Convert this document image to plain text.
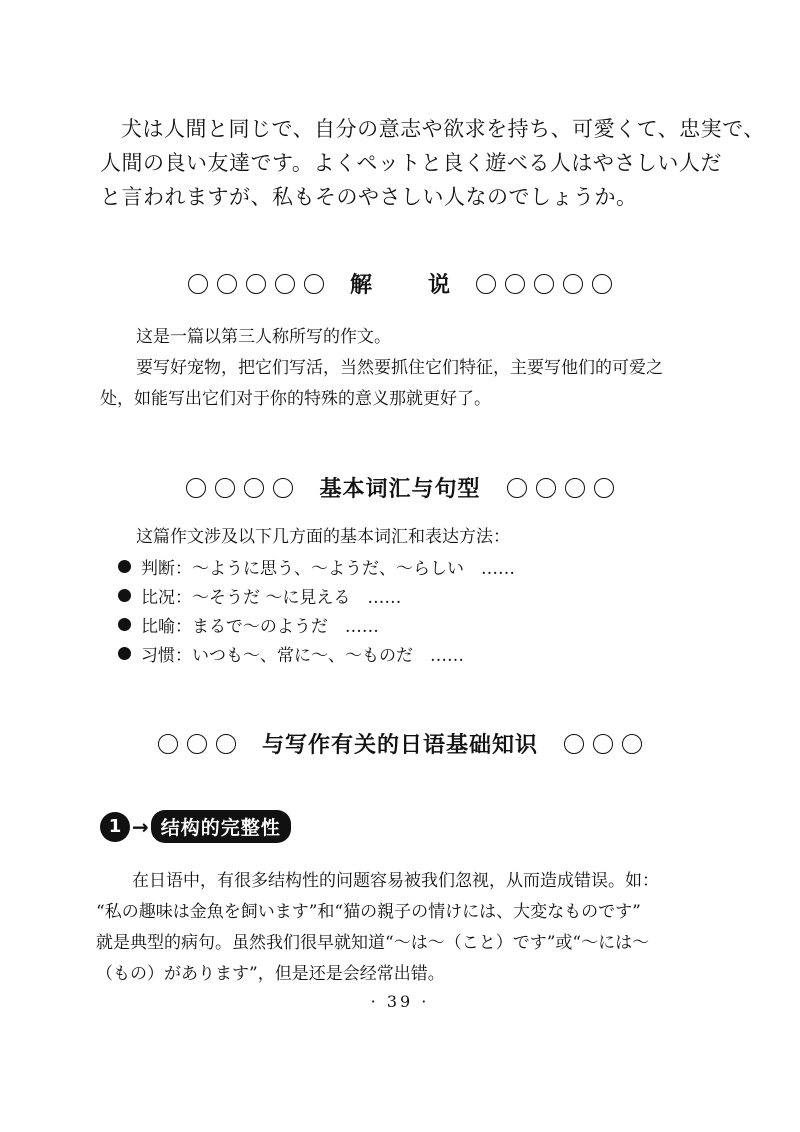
犬は人間と同じで、自分の意志や欲求を持ち、可愛くて、忠実で、
人間の良い友達です。よくペットと良く遊べる人はやさしい人だ
と言われますが、私もそのやさしい人なのでしょうか。

解说

这是一篇以第三人称所写的作文。
要写好宠物，把它们写活，当然要抓住它们特征，主要写他们的可爱之
处，如能写出它们对于你的特殊的意义那就更好了。

基本词汇与句型

这篇作文涉及以下几方面的基本词汇和表达方法：

判断：～ように思う、～ようだ、～らしい　……
比况：～そうだ ～に見える　……
比喻：まるで～のようだ　……
习惯：いつも～、常に～、～ものだ　……
与写作有关的日语基础知识
1 → 结构的完整性

在日语中，有很多结构性的问题容易被我们忽视，从而造成错误。如：
“私の趣味は金魚を飼います”和“猫の親子の情けには、大変なものです”
就是典型的病句。虽然我们很早就知道“～は～（こと）です”或“～には～
（もの）があります”，但是还是会经常出错。

· 39 ·
